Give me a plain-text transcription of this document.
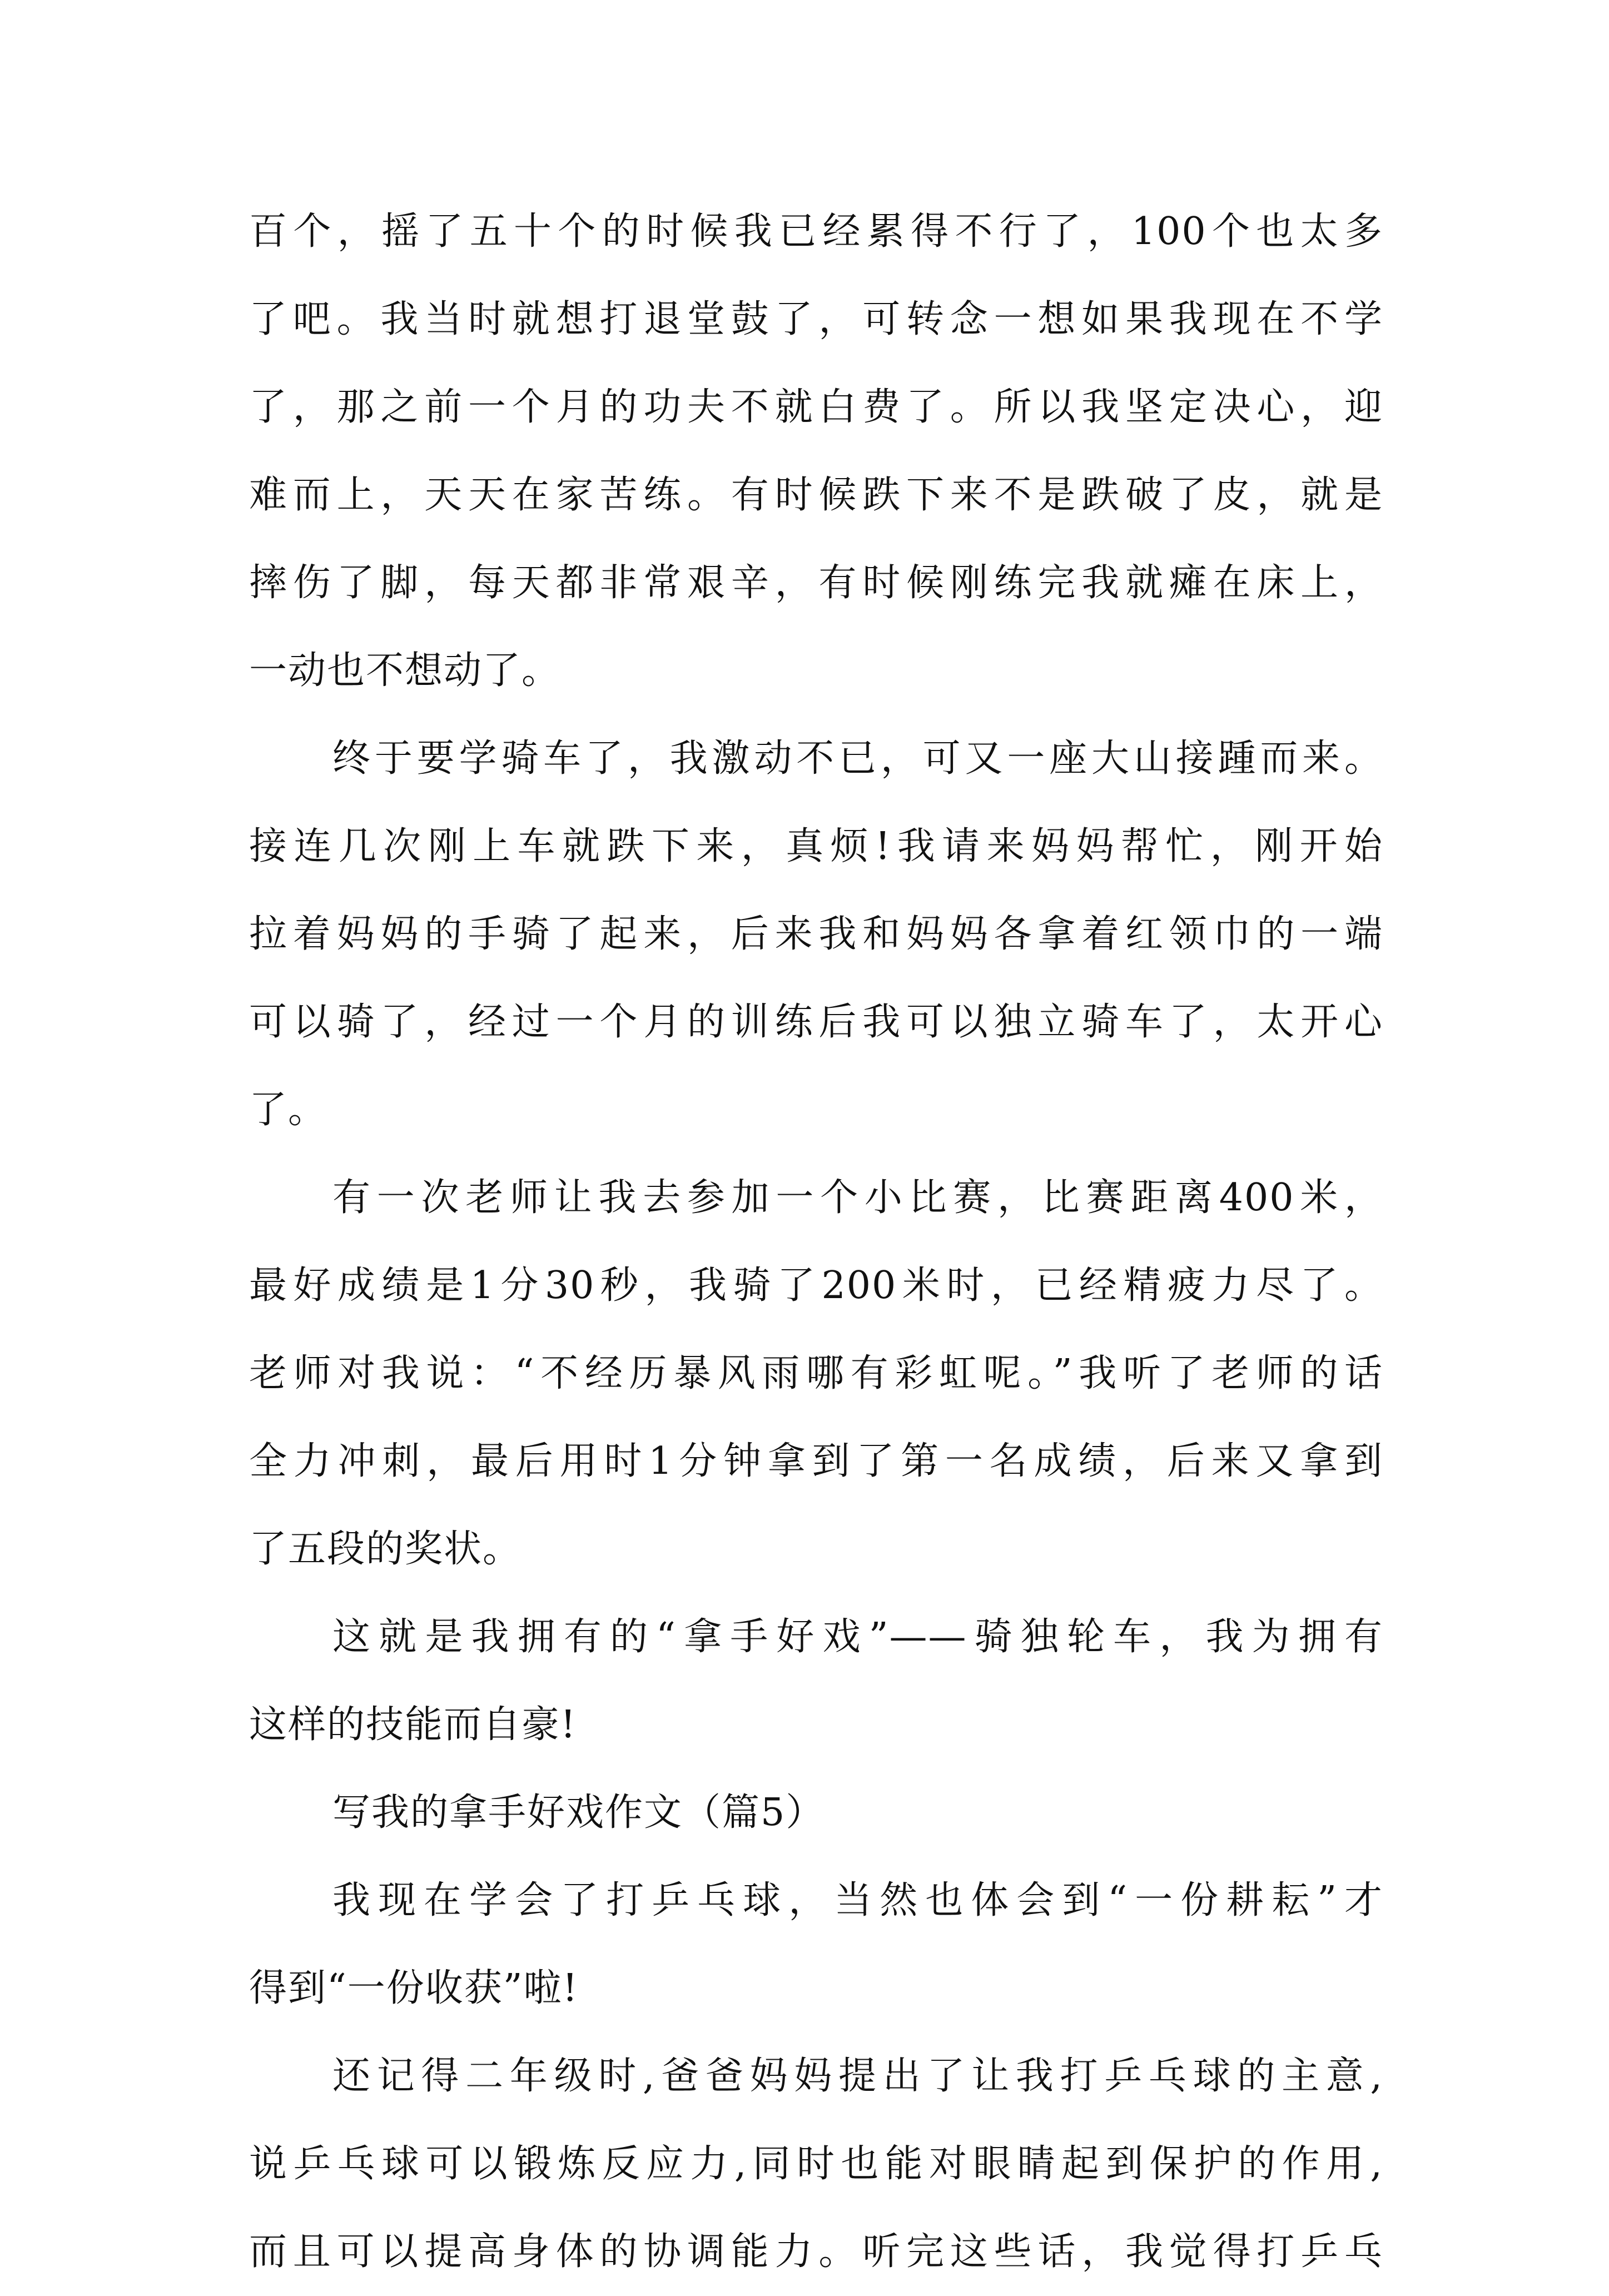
百个，摇了五十个的时候我已经累得不行了，100个也太多
了吧。我当时就想打退堂鼓了，可转念一想如果我现在不学
了，那之前一个月的功夫不就白费了。所以我坚定决心，迎
难而上，天天在家苦练。有时候跌下来不是跌破了皮，就是
摔伤了脚，每天都非常艰辛，有时候刚练完我就瘫在床上，
一动也不想动了。
终于要学骑车了，我激动不已，可又一座大山接踵而来。
接连几次刚上车就跌下来，真烦!我请来妈妈帮忙，刚开始
拉着妈妈的手骑了起来，后来我和妈妈各拿着红领巾的一端
可以骑了，经过一个月的训练后我可以独立骑车了，太开心
了。
有一次老师让我去参加一个小比赛，比赛距离400米，
最好成绩是1分30秒，我骑了200米时，已经精疲力尽了。
老师对我说：“不经历暴风雨哪有彩虹呢。”我听了老师的话
全力冲刺，最后用时1分钟拿到了第一名成绩，后来又拿到
了五段的奖状。
这就是我拥有的“拿手好戏”——骑独轮车，我为拥有
这样的技能而自豪!
写我的拿手好戏作文（篇5）
我现在学会了打乒乓球，当然也体会到“一份耕耘”才
得到“一份收获”啦!
还记得二年级时,爸爸妈妈提出了让我打乒乓球的主意,
说乒乓球可以锻炼反应力,同时也能对眼睛起到保护的作用,
而且可以提高身体的协调能力。听完这些话，我觉得打乒乓
